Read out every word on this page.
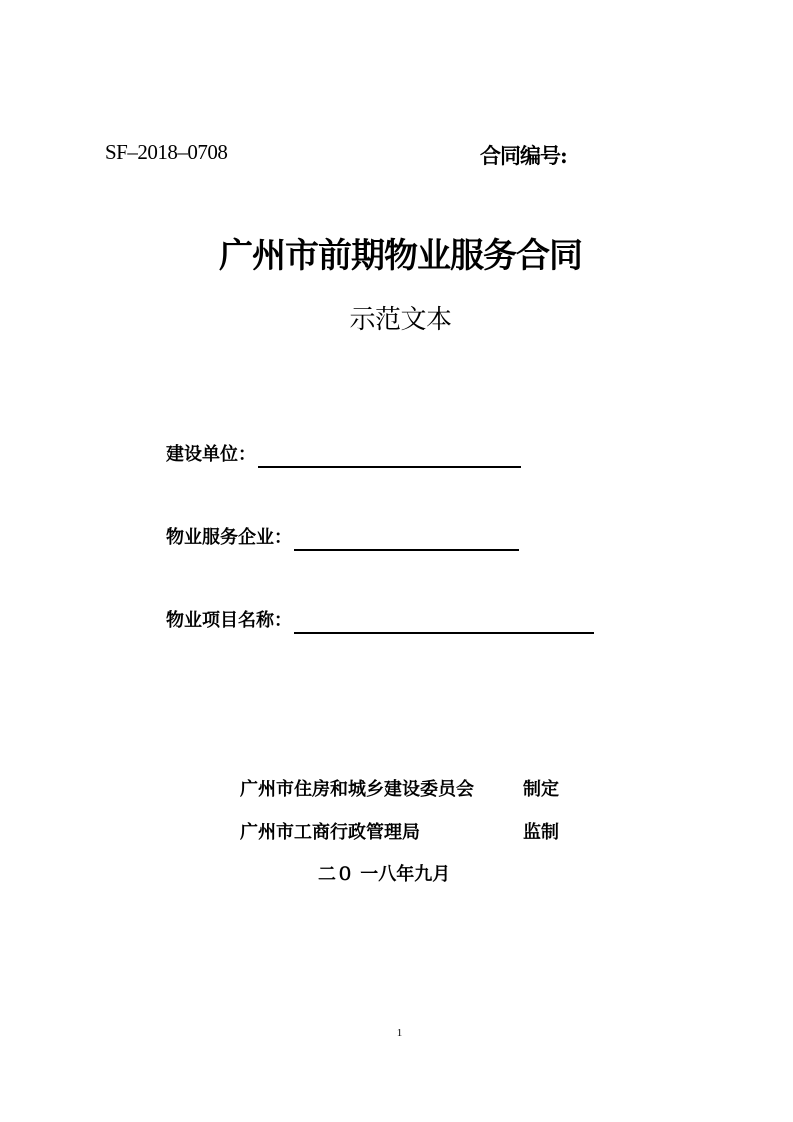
SF–2018–0708	合同编号:
广州市前期物业服务合同
示范文本
建设单位：
物业服务企业：
物业项目名称：
广州市住房和城乡建设委员会	制定
广州市工商行政管理局	监制
二０ 一八年九月
1
